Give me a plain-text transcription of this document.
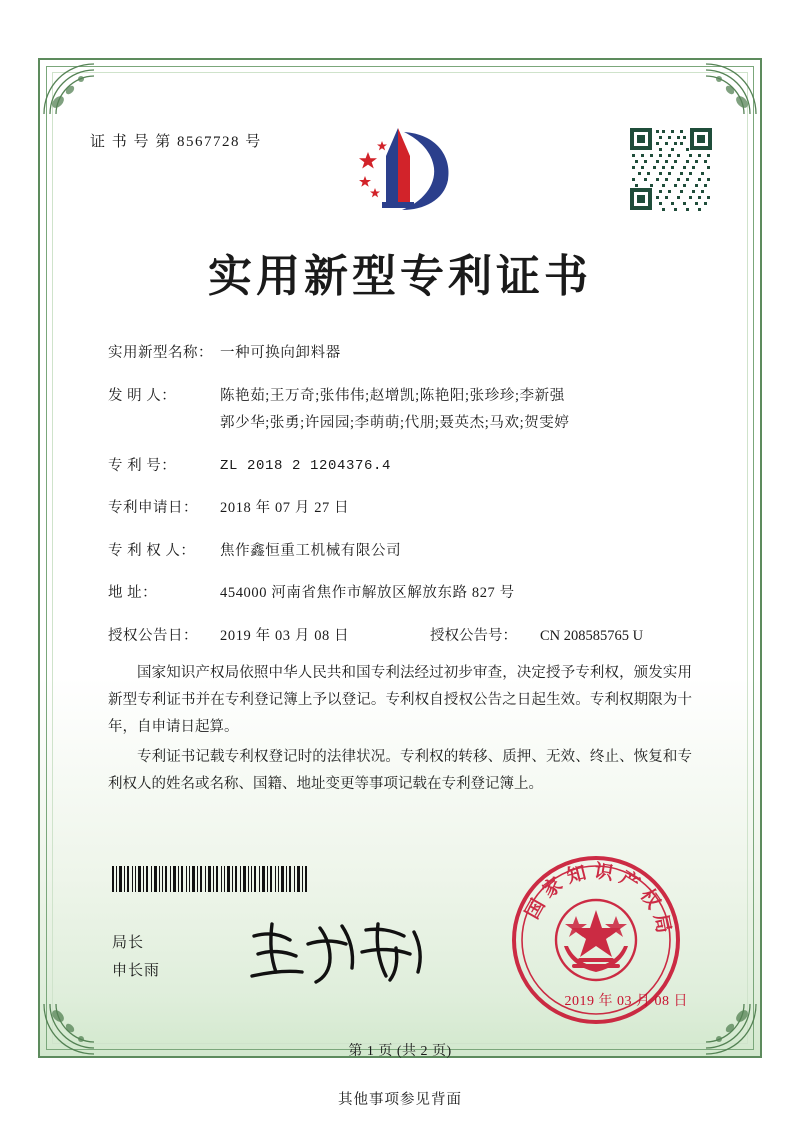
证 书 号 第 8567728 号
实用新型专利证书
实用新型名称： 一种可换向卸料器
发 明 人：	陈艳茹;王万奇;张伟伟;赵增凯;陈艳阳;张珍珍;李新强
郭少华;张勇;许园园;李萌萌;代朋;聂英杰;马欢;贺雯婷
专 利 号：	ZL 2018 2 1204376.4
专利申请日：	2018 年 07 月 27 日
专 利 权 人：	焦作鑫恒重工机械有限公司
地 址：	454000 河南省焦作市解放区解放东路 827 号
授权公告日：	2019 年 03 月 08 日	授权公告号：	CN 208585765 U

国家知识产权局依照中华人民共和国专利法经过初步审查，决定授予专利权，颁发实用新型专利证书并在专利登记簿上予以登记。专利权自授权公告之日起生效。专利权期限为十年，自申请日起算。

专利证书记载专利权登记时的法律状况。专利权的转移、质押、无效、终止、恢复和专利权人的姓名或名称、国籍、地址变更等事项记载在专利登记簿上。

局长
申长雨
国家知识产权局
2019 年 03 月 08 日
第 1 页 (共 2 页)
其他事项参见背面
